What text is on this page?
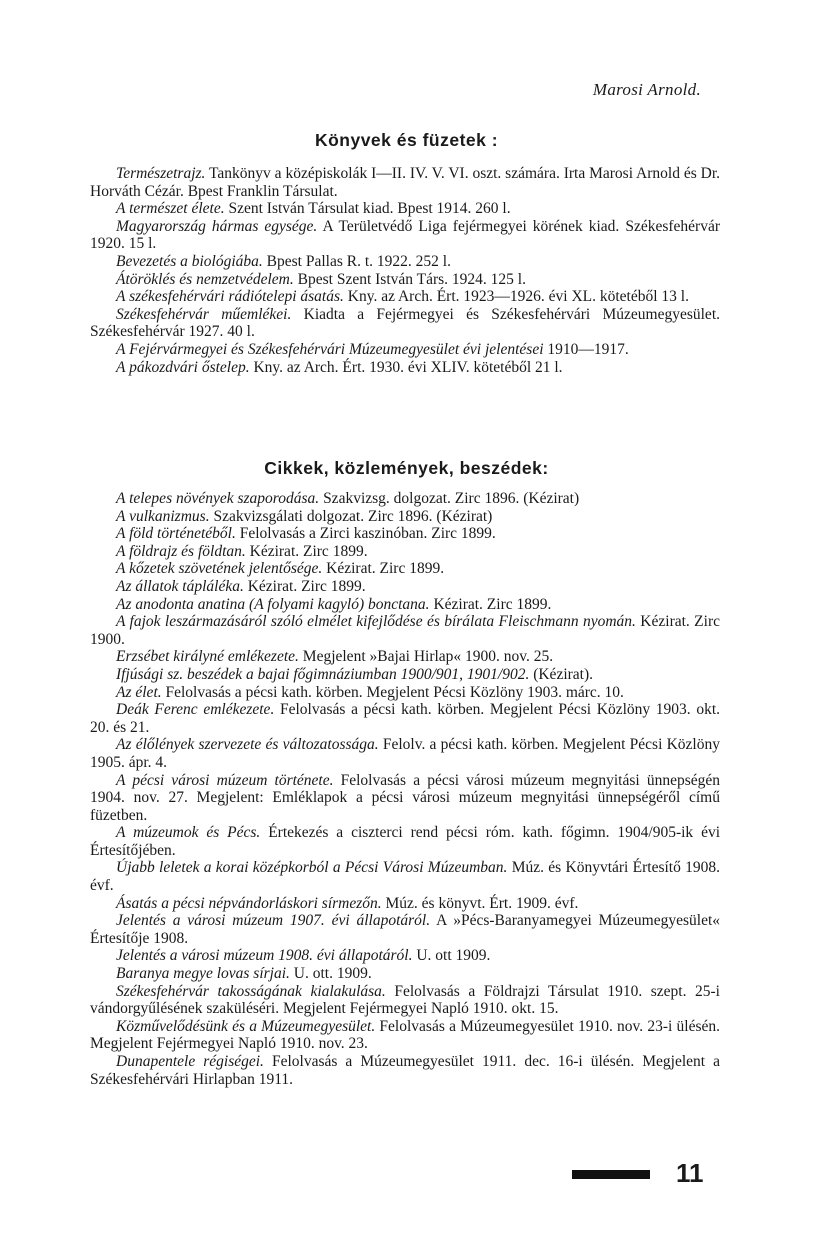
Marosi Arnold.
Könyvek és füzetek :

Természetrajz. Tankönyv a középiskolák I—II. IV. V. VI. oszt. számára. Irta Marosi Arnold és Dr. Horváth Cézár. Bpest Franklin Társulat.

A természet élete. Szent István Társulat kiad. Bpest 1914. 260 l.

Magyarország hármas egysége. A Területvédő Liga fejérmegyei körének kiad. Székesfehérvár 1920. 15 l.

Bevezetés a biológiába. Bpest Pallas R. t. 1922. 252 l.

Átöröklés és nemzetvédelem. Bpest Szent István Társ. 1924. 125 l.

A székesfehérvári rádiótelepi ásatás. Kny. az Arch. Ért. 1923—1926. évi XL. kötetéből 13 l.

Székesfehérvár műemlékei. Kiadta a Fejérmegyei és Székesfehérvári Múzeumegyesület. Székesfehérvár 1927. 40 l.

A Fejérvármegyei és Székesfehérvári Múzeumegyesület évi jelentései 1910—1917.

A pákozdvári őstelep. Kny. az Arch. Ért. 1930. évi XLIV. kötetéből 21 l.

Cikkek, közlemények, beszédek:

A telepes növények szaporodása. Szakvizsg. dolgozat. Zirc 1896. (Kézirat)

A vulkanizmus. Szakvizsgálati dolgozat. Zirc 1896. (Kézirat)

A föld történetéből. Felolvasás a Zirci kaszinóban. Zirc 1899.

A földrajz és földtan. Kézirat. Zirc 1899.

A kőzetek szövetének jelentősége. Kézirat. Zirc 1899.

Az állatok tápláléka. Kézirat. Zirc 1899.

Az anodonta anatina (A folyami kagyló) bonctana. Kézirat. Zirc 1899.

A fajok leszármazásáról szóló elmélet kifejlődése és bírálata Fleischmann nyomán. Kézirat. Zirc 1900.

Erzsébet királyné emlékezete. Megjelent »Bajai Hirlap« 1900. nov. 25.

Ifjúsági sz. beszédek a bajai főgimnáziumban 1900/901, 1901/902. (Kézirat).

Az élet. Felolvasás a pécsi kath. körben. Megjelent Pécsi Közlöny 1903. márc. 10.

Deák Ferenc emlékezete. Felolvasás a pécsi kath. körben. Megjelent Pécsi Közlöny 1903. okt. 20. és 21.

Az élőlények szervezete és változatossága. Felolv. a pécsi kath. körben. Megjelent Pécsi Közlöny 1905. ápr. 4.

A pécsi városi múzeum története. Felolvasás a pécsi városi múzeum megnyitási ünnepségén 1904. nov. 27. Megjelent: Emléklapok a pécsi városi múzeum megnyitási ünnepségéről című füzetben.

A múzeumok és Pécs. Értekezés a ciszterci rend pécsi róm. kath. főgimn. 1904/905-ik évi Értesítőjében.

Újabb leletek a korai középkorból a Pécsi Városi Múzeumban. Múz. és Könyvtári Értesítő 1908. évf.

Ásatás a pécsi népvándorláskori sírmezőn. Múz. és könyvt. Ért. 1909. évf.

Jelentés a városi múzeum 1907. évi állapotáról. A »Pécs-Baranyamegyei Múzeumegyesület« Értesítője 1908.

Jelentés a városi múzeum 1908. évi állapotáról. U. ott 1909.

Baranya megye lovas sírjai. U. ott. 1909.

Székesfehérvár takosságának kialakulása. Felolvasás a Földrajzi Társulat 1910. szept. 25-i vándorgyűlésének szaküléséri. Megjelent Fejérmegyei Napló 1910. okt. 15.

Közművelődésünk és a Múzeumegyesület. Felolvasás a Múzeumegyesület 1910. nov. 23-i ülésén. Megjelent Fejérmegyei Napló 1910. nov. 23.

Dunapentele régiségei. Felolvasás a Múzeumegyesület 1911. dec. 16-i ülésén. Megjelent a Székesfehérvári Hirlapban 1911.

11
